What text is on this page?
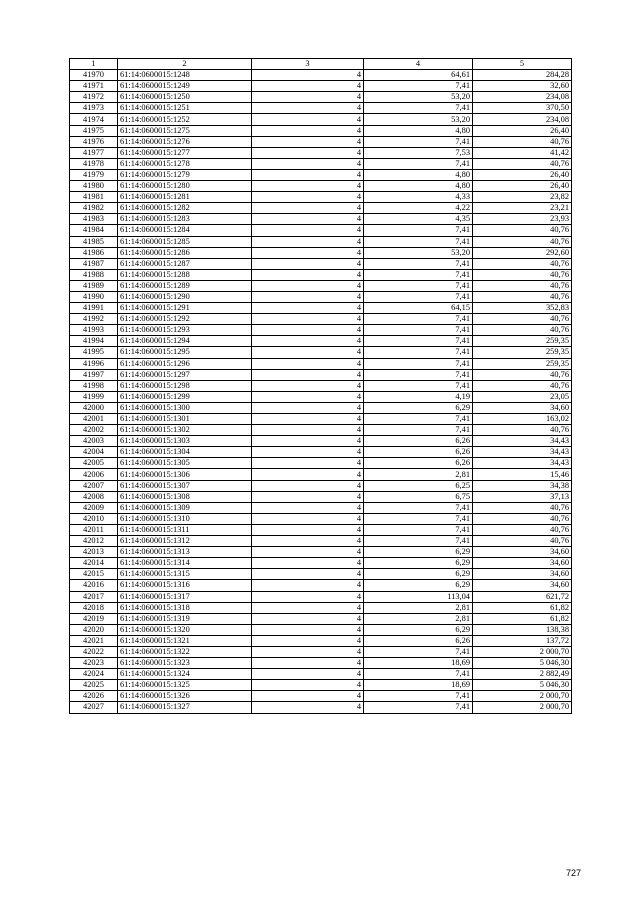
1	2	3	4	5
41970	61:14:0600015:1248	4	64,61	284,28
41971	61:14:0600015:1249	4	7,41	32,60
41972	61:14:0600015:1250	4	53,20	234,08
41973	61:14:0600015:1251	4	7,41	370,50
41974	61:14:0600015:1252	4	53,20	234,08
41975	61:14:0600015:1275	4	4,80	26,40
41976	61:14:0600015:1276	4	7,41	40,76
41977	61:14:0600015:1277	4	7,53	41,42
41978	61:14:0600015:1278	4	7,41	40,76
41979	61:14:0600015:1279	4	4,80	26,40
41980	61:14:0600015:1280	4	4,80	26,40
41981	61:14:0600015:1281	4	4,33	23,82
41982	61:14:0600015:1282	4	4,22	23,21
41983	61:14:0600015:1283	4	4,35	23,93
41984	61:14:0600015:1284	4	7,41	40,76
41985	61:14:0600015:1285	4	7,41	40,76
41986	61:14:0600015:1286	4	53,20	292,60
41987	61:14:0600015:1287	4	7,41	40,76
41988	61:14:0600015:1288	4	7,41	40,76
41989	61:14:0600015:1289	4	7,41	40,76
41990	61:14:0600015:1290	4	7,41	40,76
41991	61:14:0600015:1291	4	64,15	352,83
41992	61:14:0600015:1292	4	7,41	40,76
41993	61:14:0600015:1293	4	7,41	40,76
41994	61:14:0600015:1294	4	7,41	259,35
41995	61:14:0600015:1295	4	7,41	259,35
41996	61:14:0600015:1296	4	7,41	259,35
41997	61:14:0600015:1297	4	7,41	40,76
41998	61:14:0600015:1298	4	7,41	40,76
41999	61:14:0600015:1299	4	4,19	23,05
42000	61:14:0600015:1300	4	6,29	34,60
42001	61:14:0600015:1301	4	7,41	163,02
42002	61:14:0600015:1302	4	7,41	40,76
42003	61:14:0600015:1303	4	6,26	34,43
42004	61:14:0600015:1304	4	6,26	34,43
42005	61:14:0600015:1305	4	6,26	34,43
42006	61:14:0600015:1306	4	2,81	15,46
42007	61:14:0600015:1307	4	6,25	34,38
42008	61:14:0600015:1308	4	6,75	37,13
42009	61:14:0600015:1309	4	7,41	40,76
42010	61:14:0600015:1310	4	7,41	40,76
42011	61:14:0600015:1311	4	7,41	40,76
42012	61:14:0600015:1312	4	7,41	40,76
42013	61:14:0600015:1313	4	6,29	34,60
42014	61:14:0600015:1314	4	6,29	34,60
42015	61:14:0600015:1315	4	6,29	34,60
42016	61:14:0600015:1316	4	6,29	34,60
42017	61:14:0600015:1317	4	113,04	621,72
42018	61:14:0600015:1318	4	2,81	61,82
42019	61:14:0600015:1319	4	2,81	61,82
42020	61:14:0600015:1320	4	6,29	138,38
42021	61:14:0600015:1321	4	6,26	137,72
42022	61:14:0600015:1322	4	7,41	2 000,70
42023	61:14:0600015:1323	4	18,69	5 046,30
42024	61:14:0600015:1324	4	7,41	2 882,49
42025	61:14:0600015:1325	4	18,69	5 046,30
42026	61:14:0600015:1326	4	7,41	2 000,70
42027	61:14:0600015:1327	4	7,41	2 000,70
727
